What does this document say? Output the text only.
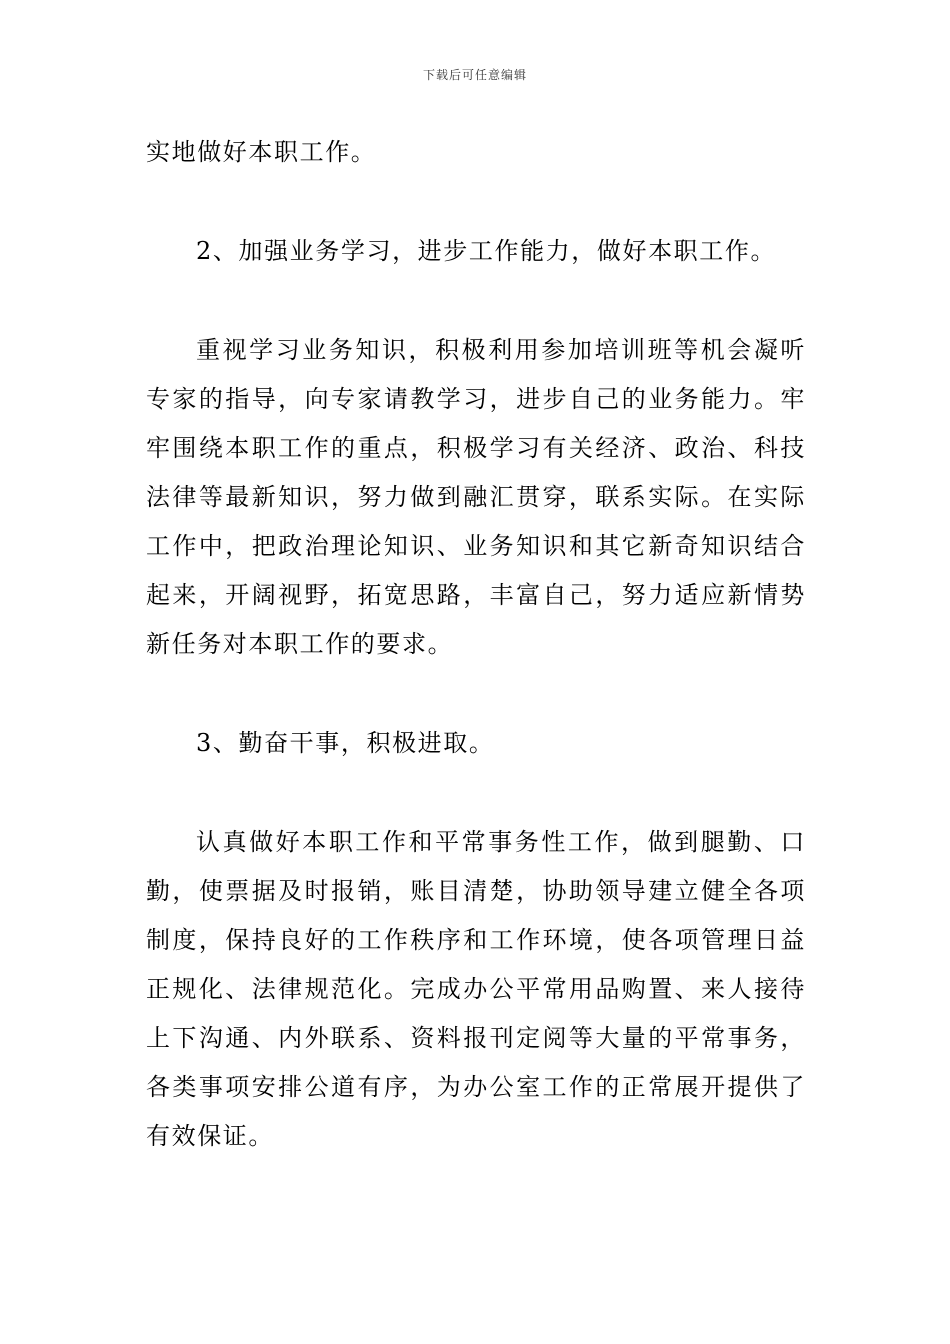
下载后可任意编辑

实地做好本职工作。

2、加强业务学习，进步工作能力，做好本职工作。

重视学习业务知识，积极利用参加培训班等机会凝听专家的指导，向专家请教学习，进步自己的业务能力。牢牢围绕本职工作的重点，积极学习有关经济、政治、科技法律等最新知识，努力做到融汇贯穿，联系实际。在实际工作中，把政治理论知识、业务知识和其它新奇知识结合起来，开阔视野，拓宽思路，丰富自己，努力适应新情势新任务对本职工作的要求。

3、勤奋干事，积极进取。

认真做好本职工作和平常事务性工作，做到腿勤、口勤，使票据及时报销，账目清楚，协助领导建立健全各项制度，保持良好的工作秩序和工作环境，使各项管理日益正规化、法律规范化。完成办公平常用品购置、来人接待上下沟通、内外联系、资料报刊定阅等大量的平常事务，各类事项安排公道有序，为办公室工作的正常展开提供了有效保证。
